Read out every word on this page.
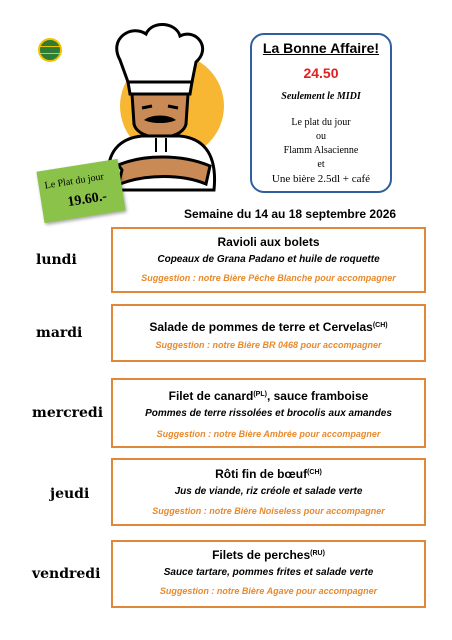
La Bonne Affaire!
24.50
Seulement le MIDI
Le plat du jour
ou
Flamm Alsacienne
et
Une bière 2.5dl + café
Le Plat du jour
19.60.-
Semaine du 14 au 18 septembre 2026
lundi
Ravioli aux bolets
Copeaux de Grana Padano et huile de roquette
Suggestion : notre Bière Pêche Blanche pour accompagner
mardi	Salade de pommes de terre et Cervelas$^{(CH)}$
Suggestion : notre Bière BR 0468 pour accompagner
mercredi
Filet de canard$^{(PL)}$, sauce framboise
Pommes de terre rissolées et brocolis aux amandes
Suggestion : notre Bière Ambrée pour accompagner
jeudi
Rôti fin de bœuf$^{(CH)}$
Jus de viande, riz créole et salade verte
Suggestion : notre Bière Noiseless pour accompagner
vendredi
Filets de perches$^{(RU)}$
Sauce tartare, pommes frites et salade verte
Suggestion : notre Bière Agave pour accompagner
